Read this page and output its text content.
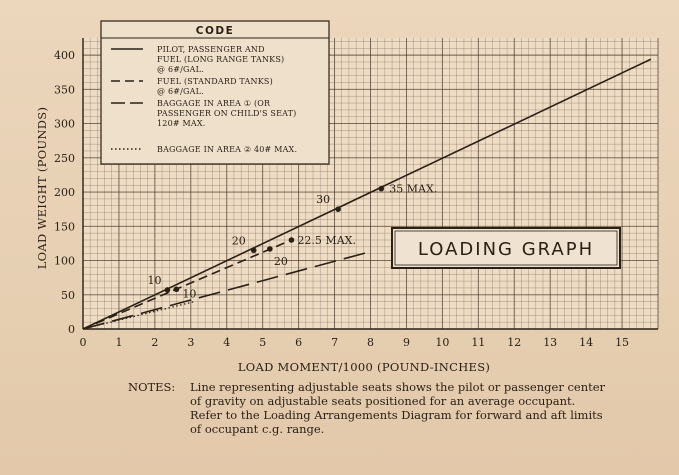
0	1	2	3	4	5	6	7	8	9 10 11 12 13 14 15
0
50
100
150
200
250
300
350
400
10
20
30
35 MAX.
10
20
22.5 MAX.
CODE
PILOT, PASSENGER AND
FUEL (LONG RANGE TANKS)
@ 6#/GAL.
FUEL (STANDARD TANKS)
@ 6#/GAL.
BAGGAGE IN AREA ① (OR
PASSENGER ON CHILD'S SEAT)
120# MAX.
BAGGAGE IN AREA ② 40# MAX.
LOADING GRAPH
LOAD WEIGHT (POUNDS)
LOAD MOMENT/1000 (POUND-INCHES)
NOTES: Line representing adjustable seats shows the pilot or passenger center of gravity on adjustable seats positioned for an average occupant. Refer to the Loading Arrangements Diagram for forward and aft limits of occupant c.g. range.
